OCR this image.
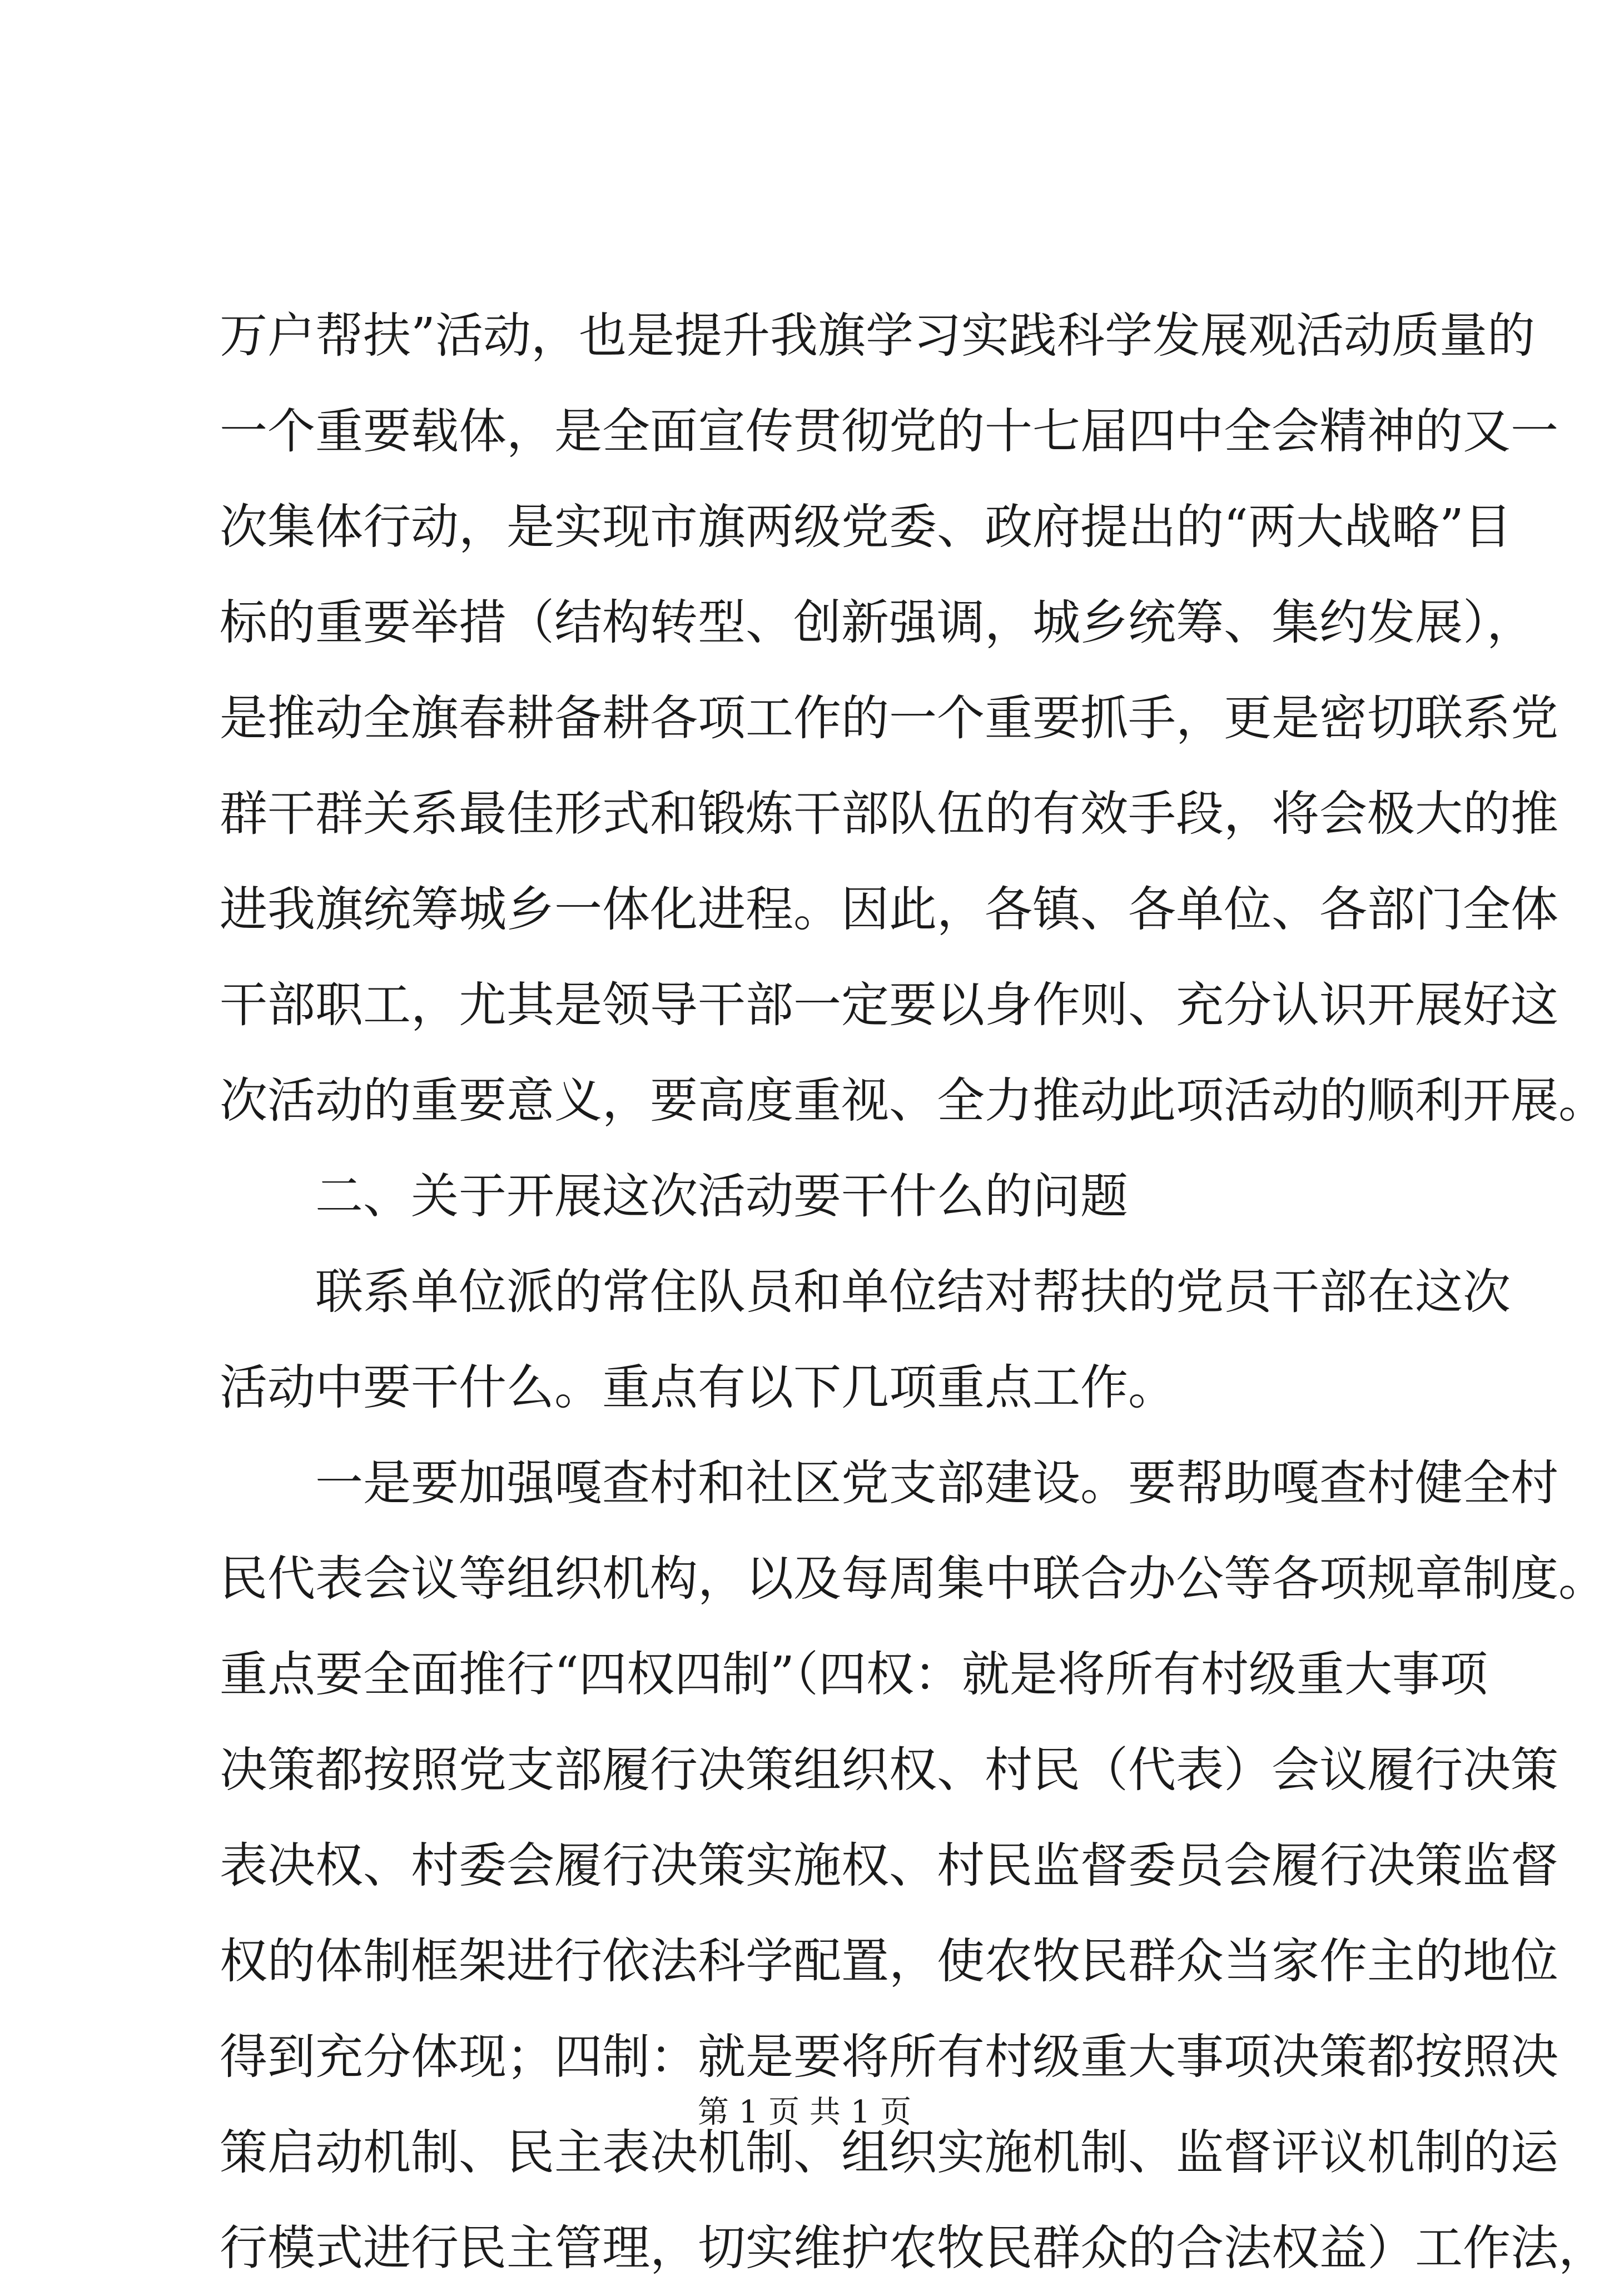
万户帮扶”活动，也是提升我旗学习实践科学发展观活动质量的
一个重要载体，是全面宣传贯彻党的十七届四中全会精神的又一
次集体行动，是实现市旗两级党委、政府提出的“两大战略”目
标的重要举措（结构转型、创新强调，城乡统筹、集约发展），
是推动全旗春耕备耕各项工作的一个重要抓手，更是密切联系党
群干群关系最佳形式和锻炼干部队伍的有效手段，将会极大的推
进我旗统筹城乡一体化进程。因此，各镇、各单位、各部门全体
干部职工，尤其是领导干部一定要以身作则、充分认识开展好这
次活动的重要意义，要高度重视、全力推动此项活动的顺利开展。
二、关于开展这次活动要干什么的问题
联系单位派的常住队员和单位结对帮扶的党员干部在这次
活动中要干什么。重点有以下几项重点工作。
一是要加强嘎查村和社区党支部建设。要帮助嘎查村健全村
民代表会议等组织机构，以及每周集中联合办公等各项规章制度。
重点要全面推行“四权四制”（四权：就是将所有村级重大事项
决策都按照党支部履行决策组织权、村民（代表）会议履行决策
表决权、村委会履行决策实施权、村民监督委员会履行决策监督
权的体制框架进行依法科学配置，使农牧民群众当家作主的地位
得到充分体现；四制：就是要将所有村级重大事项决策都按照决
策启动机制、民主表决机制、组织实施机制、监督评议机制的运
行模式进行民主管理，切实维护农牧民群众的合法权益）工作法，
第 1 页 共 1 页
